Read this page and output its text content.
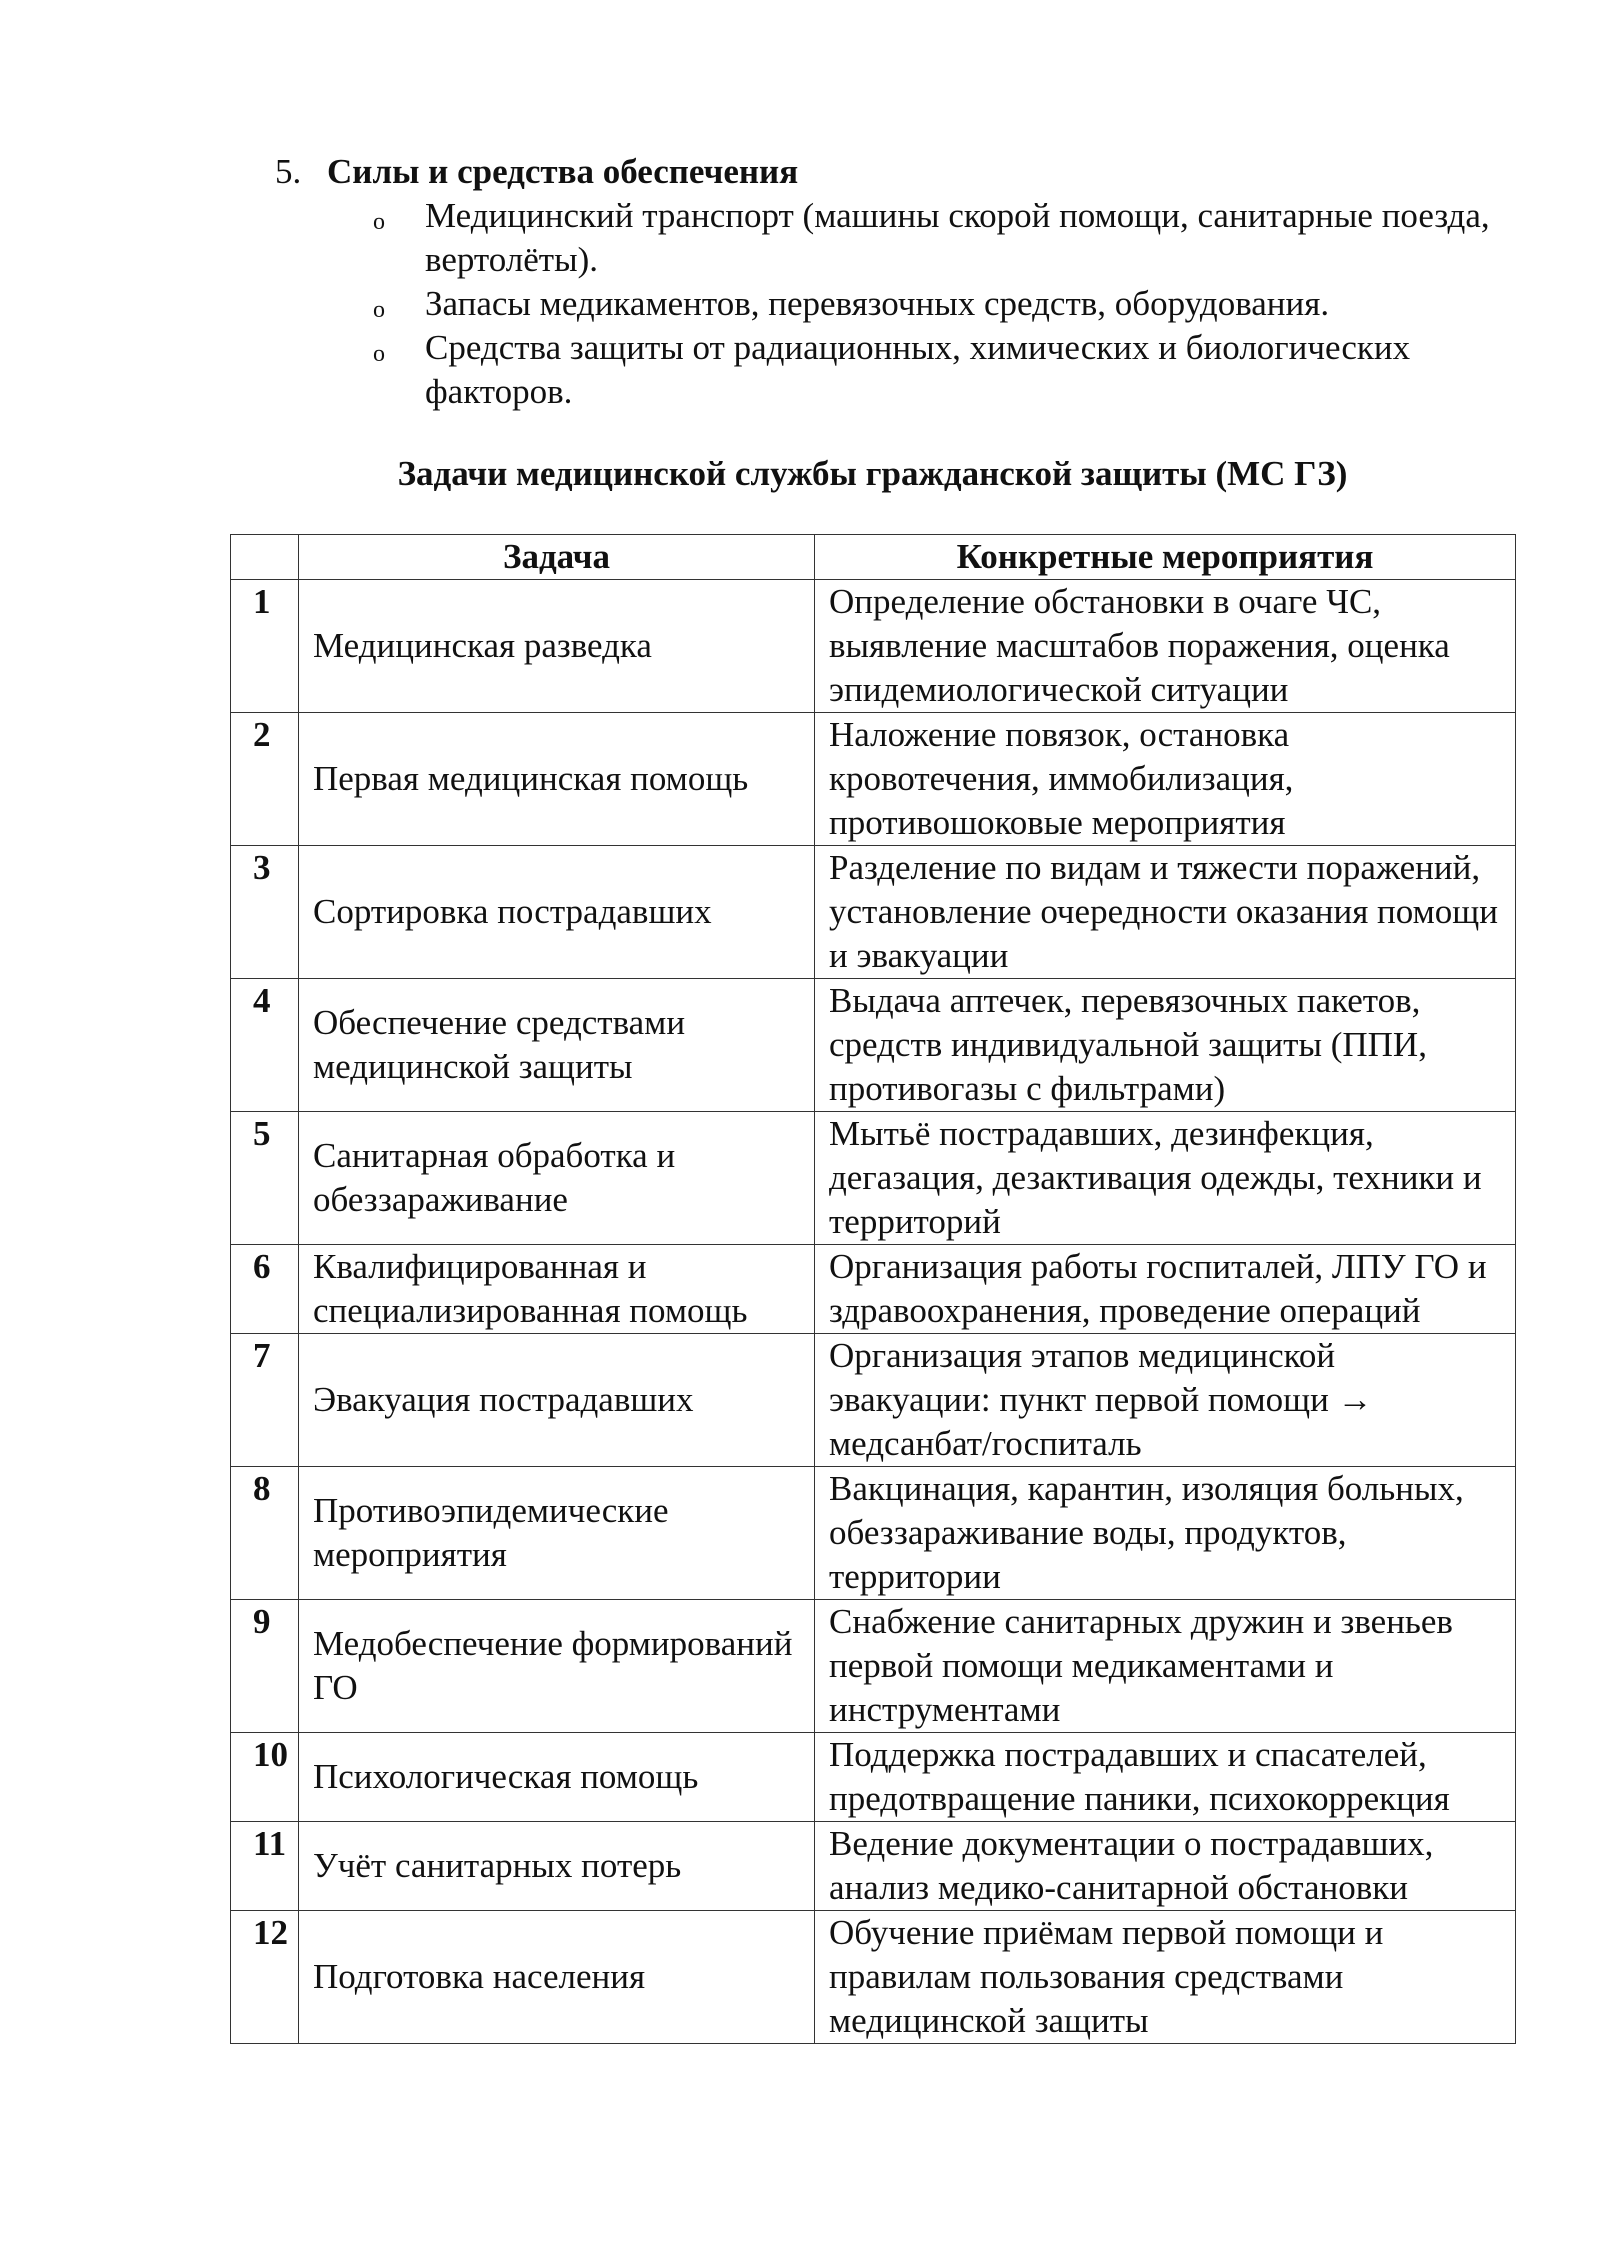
5. Силы и средства обеспечения

o Медицинский транспорт (машины скорой помощи, санитарные поезда, вертолёты).
o Запасы медикаментов, перевязочных средств, оборудования.
o Средства защиты от радиационных, химических и биологических факторов.

Задачи медицинской службы гражданской защиты (МС ГЗ)

	Задача	Конкретные мероприятия
1	Медицинская разведка	Определение обстановки в очаге ЧС, выявление масштабов поражения, оценка эпидемиологической ситуации
2	Первая медицинская помощь	Наложение повязок, остановка кровотечения, иммобилизация, противошоковые мероприятия
3	Сортировка пострадавших	Разделение по видам и тяжести поражений, установление очередности оказания помощи и эвакуации
4	Обеспечение средствами медицинской защиты	Выдача аптечек, перевязочных пакетов, средств индивидуальной защиты (ППИ, противогазы с фильтрами)
5	Санитарная обработка и обеззараживание	Мытьё пострадавших, дезинфекция, дегазация, дезактивация одежды, техники и территорий
6	Квалифицированная и специализированная помощь	Организация работы госпиталей, ЛПУ ГО и здравоохранения, проведение операций
7	Эвакуация пострадавших	Организация этапов медицинской эвакуации: пункт первой помощи → медсанбат/госпиталь
8	Противоэпидемические мероприятия	Вакцинация, карантин, изоляция больных, обеззараживание воды, продуктов, территории
9	Медобеспечение формирований ГО	Снабжение санитарных дружин и звеньев первой помощи медикаментами и инструментами
10	Психологическая помощь	Поддержка пострадавших и спасателей, предотвращение паники, психокоррекция
11	Учёт санитарных потерь	Ведение документации о пострадавших, анализ медико-санитарной обстановки
12	Подготовка населения	Обучение приёмам первой помощи и правилам пользования средствами медицинской защиты
